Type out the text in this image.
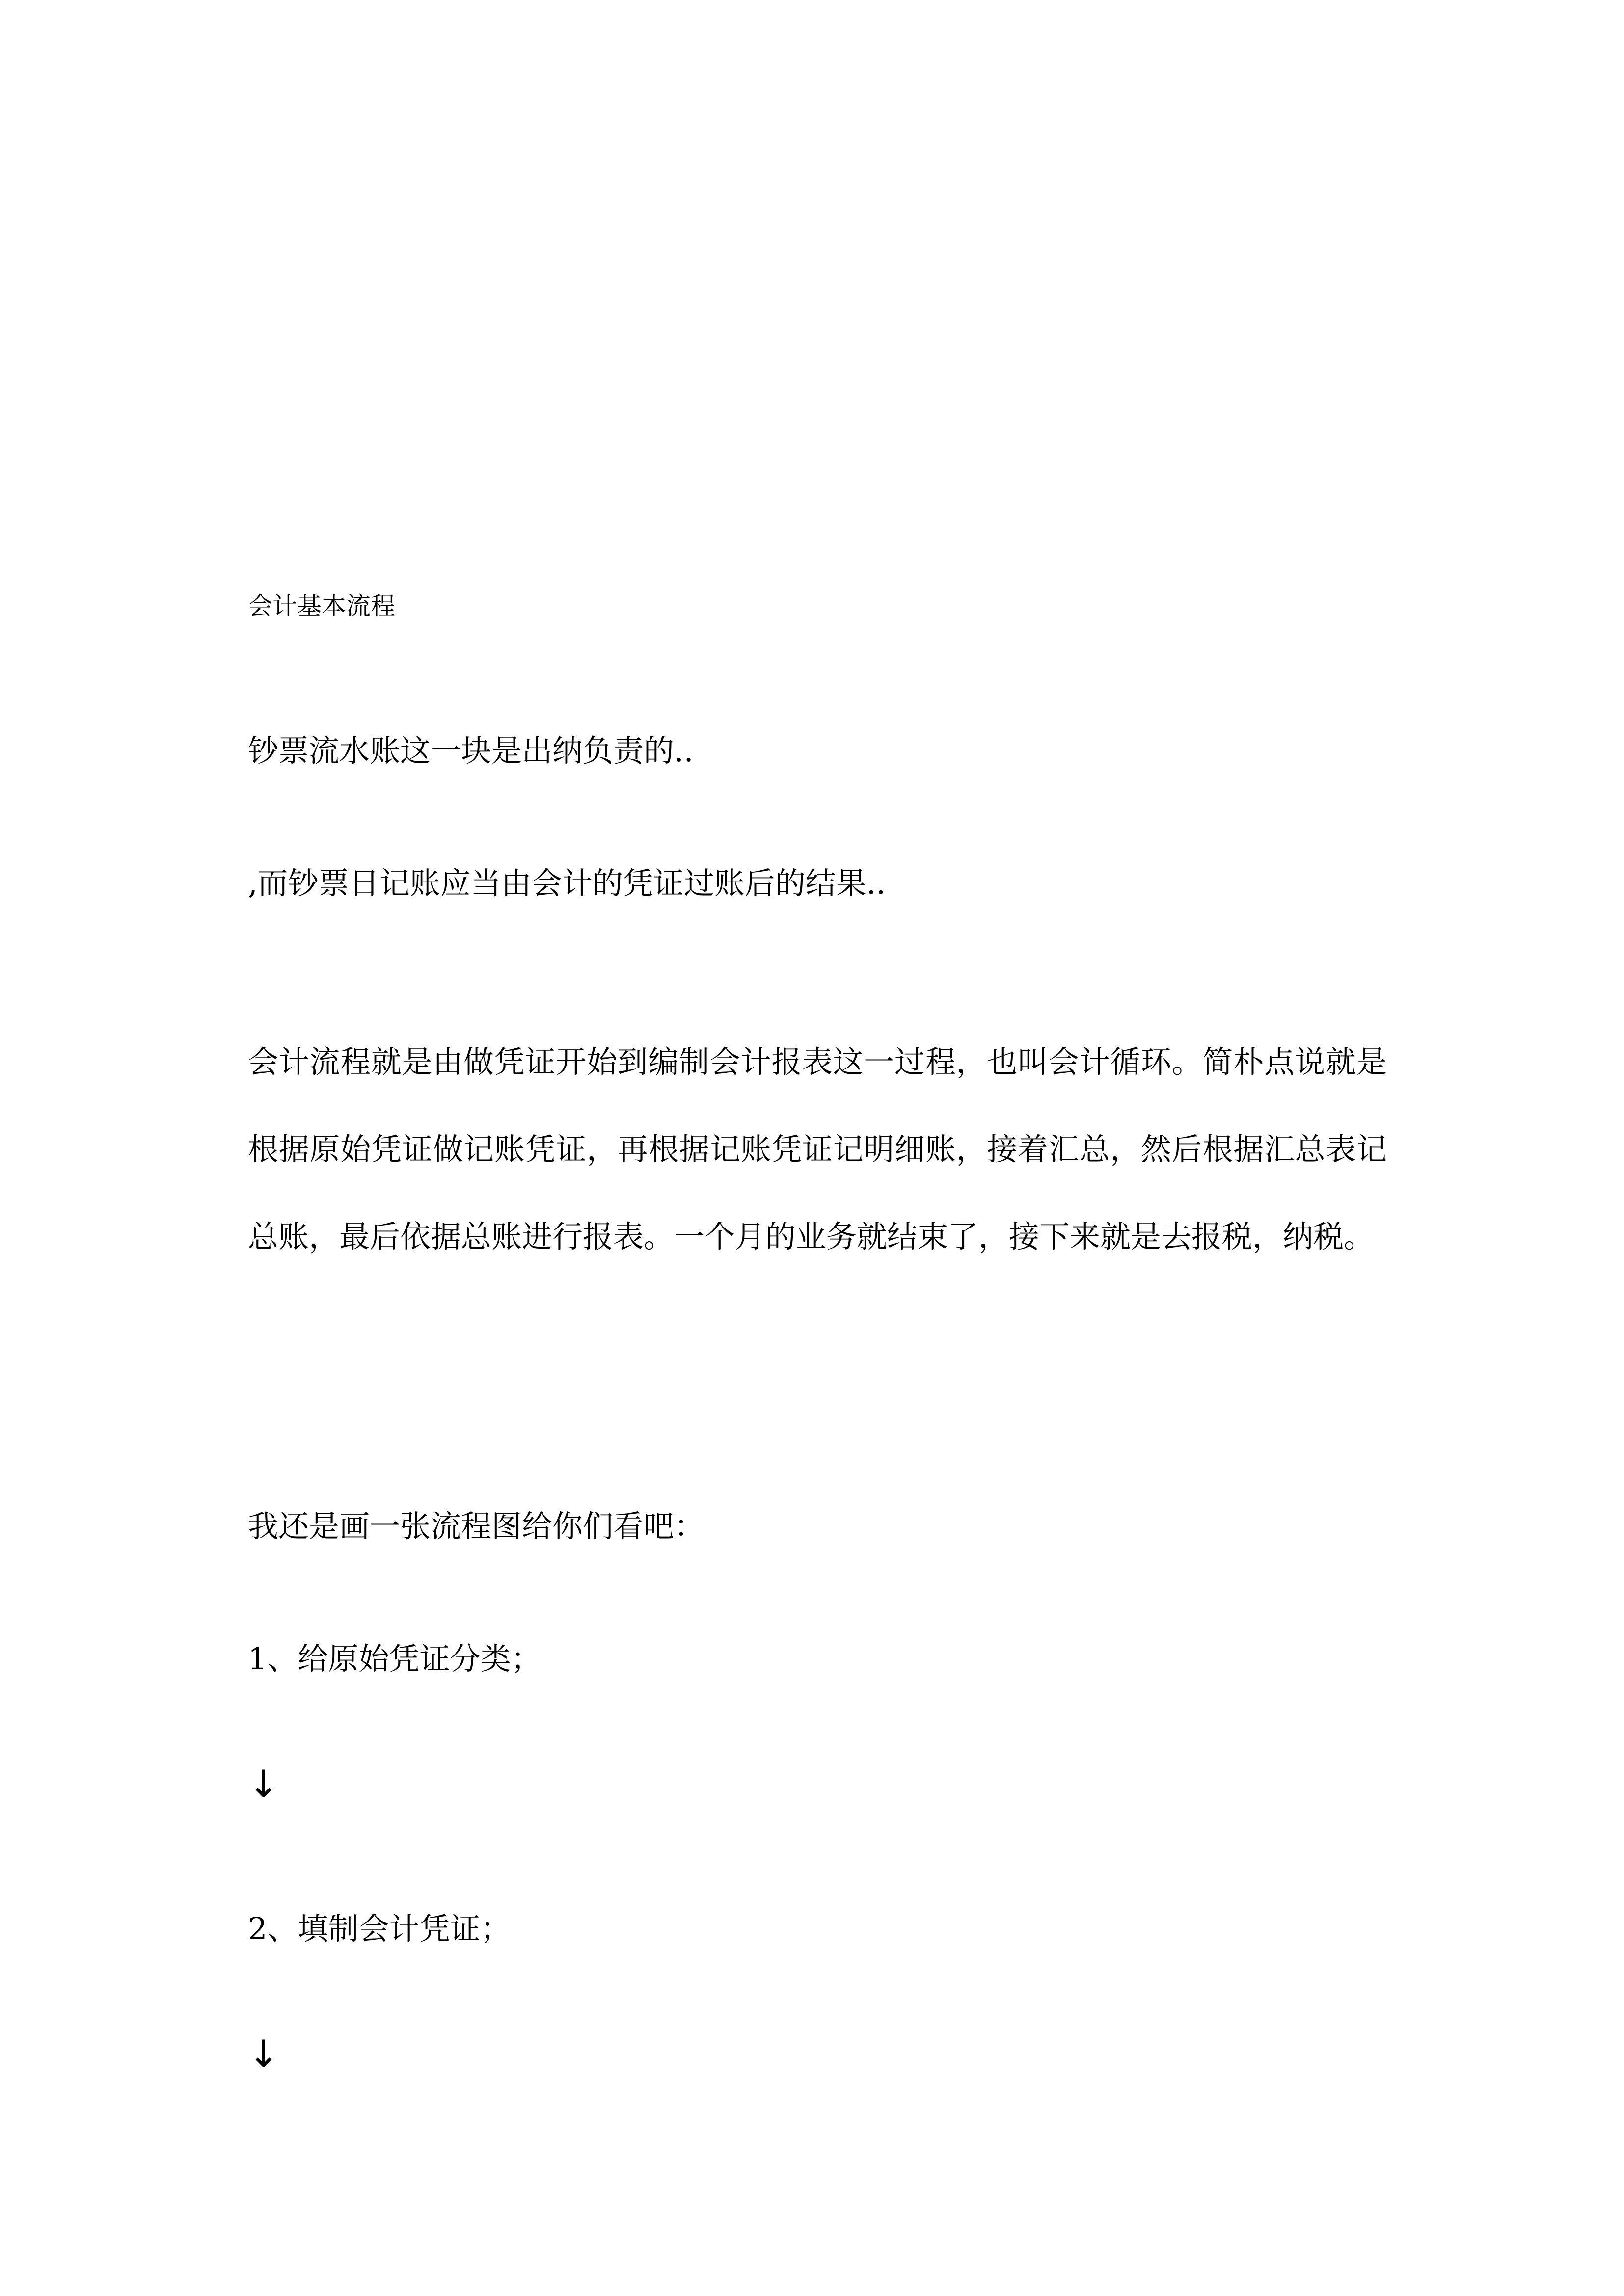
会计基本流程
钞票流水账这一块是出纳负责的..
,而钞票日记账应当由会计的凭证过账后的结果..
会计流程就是由做凭证开始到编制会计报表这一过程，也叫会计循环。简朴点说就是根据原始凭证做记账凭证，再根据记账凭证记明细账，接着汇总，然后根据汇总表记总账，最后依据总账进行报表。一个月的业务就结束了，接下来就是去报税，纳税。
我还是画一张流程图给你们看吧：
1、给原始凭证分类；
↓
2、填制会计凭证；
↓
